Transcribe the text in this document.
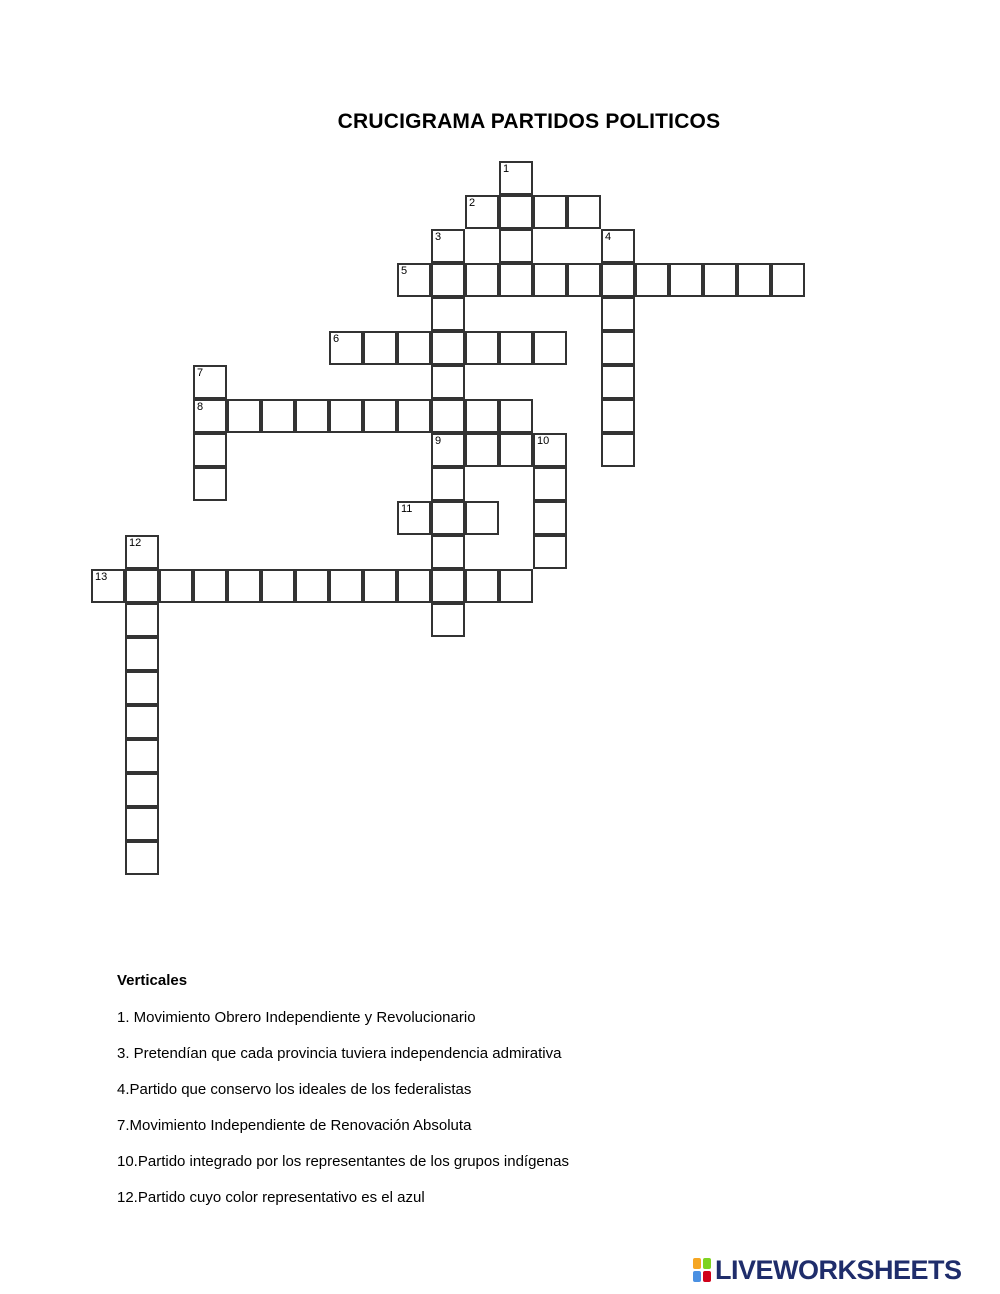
CRUCIGRAMA PARTIDOS POLITICOS
1
2
3	4
5
6
7
8
9	10
11
12
13
Verticales
1. Movimiento Obrero Independiente y Revolucionario
3. Pretendían que cada provincia tuviera independencia admirativa
4.Partido que conservo los ideales de los federalistas
7.Movimiento Independiente de Renovación Absoluta
10.Partido integrado por los representantes de los grupos indígenas
12.Partido cuyo color representativo es el azul
LIVEWORKSHEETS
